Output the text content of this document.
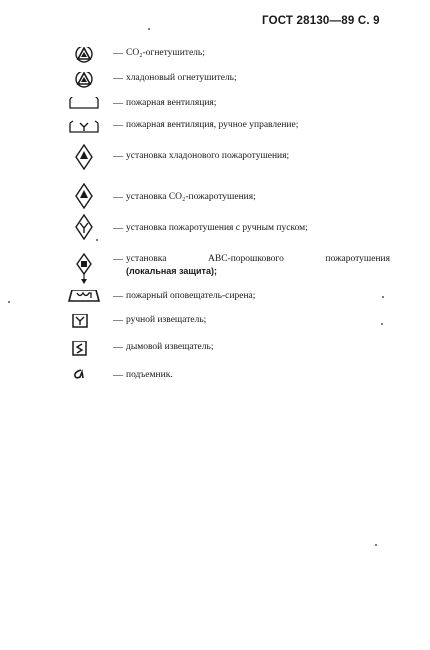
ГОСТ 28130—89 С. 9
— СО₂-огнетушитель;
— хладоновый огнетушитель;
— пожарная вентиляция;
— пожарная вентиляция, ручное управление;
— установка хладонового пожаротушения;
— установка СО₂-пожаротушения;
— установка пожаротушения с ручным пуском;
— установка АВС-порошкового пожаротушения
(локальная защита);
— пожарный оповещатель-сирена;
— ручной извещатель;
— дымовой извещатель;
— подъемник.
